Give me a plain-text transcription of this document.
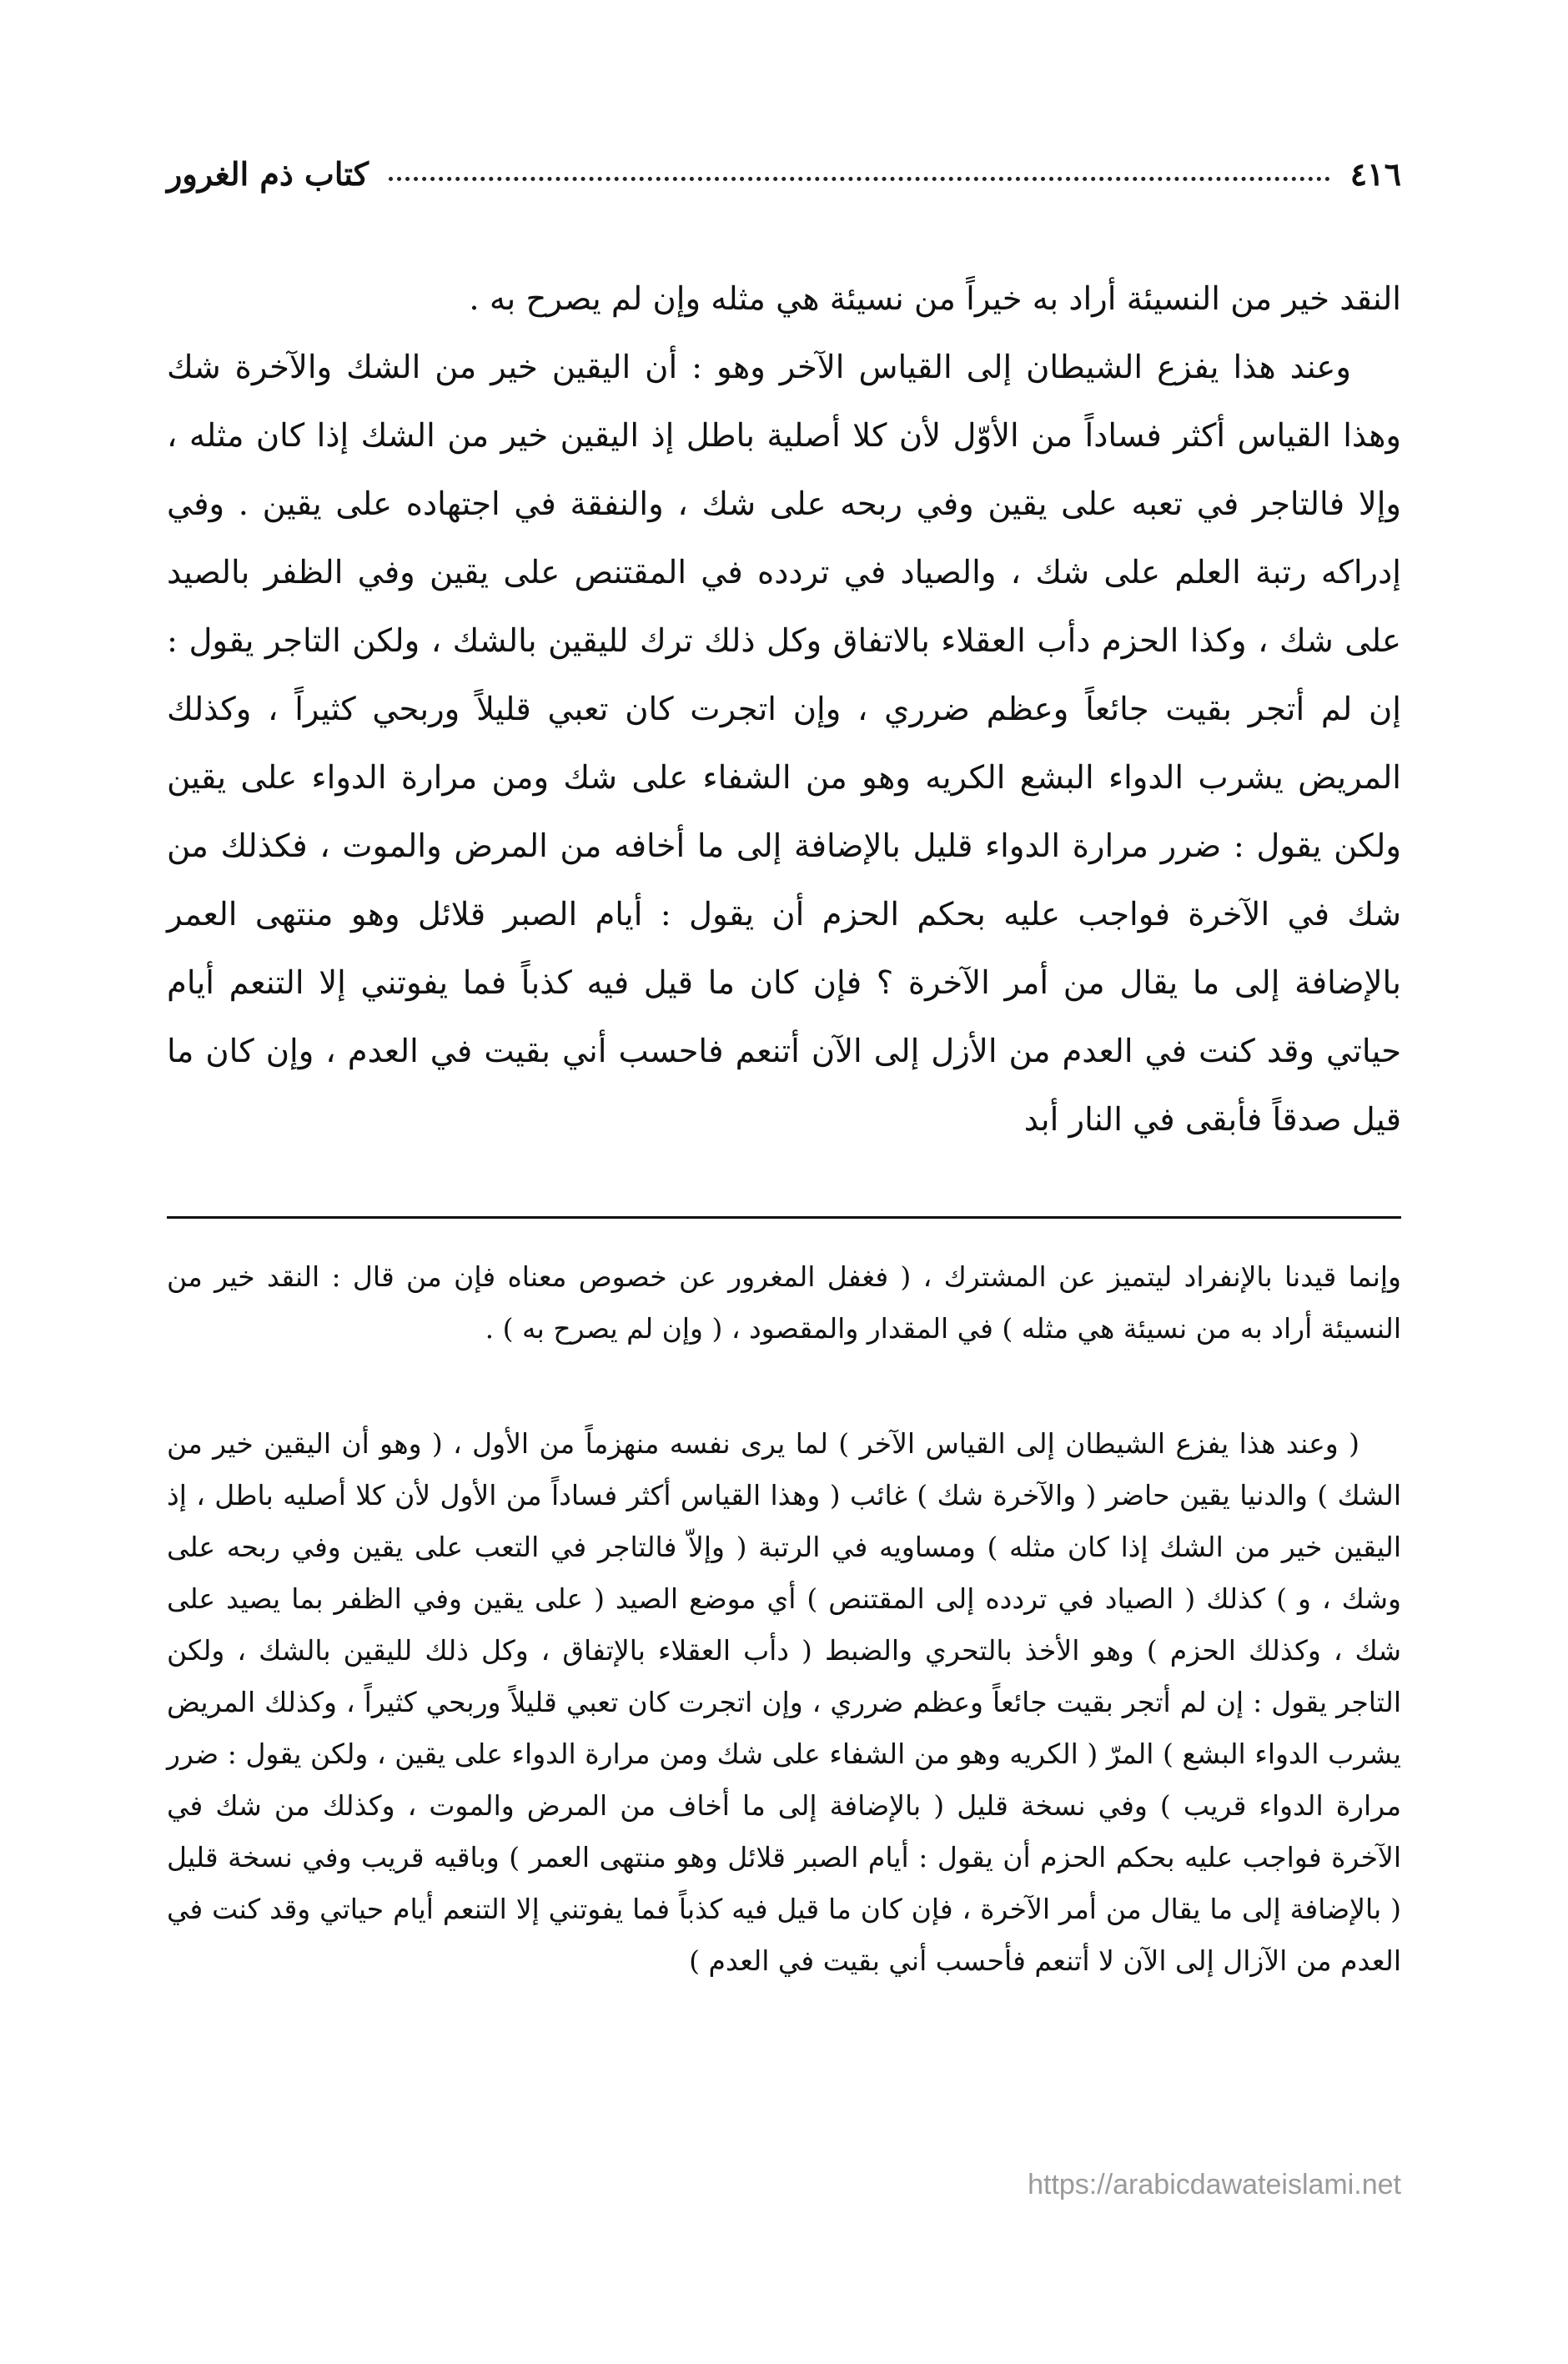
٤١٦
كتاب ذم الغرور

النقد خير من النسيئة أراد به خيراً من نسيئة هي مثله وإن لم يصرح به .

وعند هذا يفزع الشيطان إلى القياس الآخر وهو : أن اليقين خير من الشك والآخرة شك وهذا القياس أكثر فساداً من الأوّل لأن كلا أصلية باطل إذ اليقين خير من الشك إذا كان مثله ، وإلا فالتاجر في تعبه على يقين وفي ربحه على شك ، والنفقة في اجتهاده على يقين . وفي إدراكه رتبة العلم على شك ، والصياد في تردده في المقتنص على يقين وفي الظفر بالصيد على شك ، وكذا الحزم دأب العقلاء بالاتفاق وكل ذلك ترك لليقين بالشك ، ولكن التاجر يقول : إن لم أتجر بقيت جائعاً وعظم ضرري ، وإن اتجرت كان تعبي قليلاً وربحي كثيراً ، وكذلك المريض يشرب الدواء البشع الكريه وهو من الشفاء على شك ومن مرارة الدواء على يقين ولكن يقول : ضرر مرارة الدواء قليل بالإضافة إلى ما أخافه من المرض والموت ، فكذلك من شك في الآخرة فواجب عليه بحكم الحزم أن يقول : أيام الصبر قلائل وهو منتهى العمر بالإضافة إلى ما يقال من أمر الآخرة ؟ فإن كان ما قيل فيه كذباً فما يفوتني إلا التنعم أيام حياتي وقد كنت في العدم من الأزل إلى الآن أتنعم فاحسب أني بقيت في العدم ، وإن كان ما قيل صدقاً فأبقى في النار أبد

وإنما قيدنا بالإنفراد ليتميز عن المشترك ، ( فغفل المغرور عن خصوص معناه فإن من قال : النقد خير من النسيئة أراد به من نسيئة هي مثله ) في المقدار والمقصود ، ( وإن لم يصرح به ) .

( وعند هذا يفزع الشيطان إلى القياس الآخر ) لما يرى نفسه منهزماً من الأول ، ( وهو أن اليقين خير من الشك ) والدنيا يقين حاضر ( والآخرة شك ) غائب ( وهذا القياس أكثر فساداً من الأول لأن كلا أصليه باطل ، إذ اليقين خير من الشك إذا كان مثله ) ومساويه في الرتبة ( وإلاّ فالتاجر في التعب على يقين وفي ربحه على وشك ، و ) كذلك ( الصياد في تردده إلى المقتنص ) أي موضع الصيد ( على يقين وفي الظفر بما يصيد على شك ، وكذلك الحزم ) وهو الأخذ بالتحري والضبط ( دأب العقلاء بالإتفاق ، وكل ذلك لليقين بالشك ، ولكن التاجر يقول : إن لم أتجر بقيت جائعاً وعظم ضرري ، وإن اتجرت كان تعبي قليلاً وربحي كثيراً ، وكذلك المريض يشرب الدواء البشع ) المرّ ( الكريه وهو من الشفاء على شك ومن مرارة الدواء على يقين ، ولكن يقول : ضرر مرارة الدواء قريب ) وفي نسخة قليل ( بالإضافة إلى ما أخاف من المرض والموت ، وكذلك من شك في الآخرة فواجب عليه بحكم الحزم أن يقول : أيام الصبر قلائل وهو منتهى العمر ) وباقيه قريب وفي نسخة قليل ( بالإضافة إلى ما يقال من أمر الآخرة ، فإن كان ما قيل فيه كذباً فما يفوتني إلا التنعم أيام حياتي وقد كنت في العدم من الآزال إلى الآن لا أتنعم فأحسب أني بقيت في العدم )

https://arabicdawateislami.net
